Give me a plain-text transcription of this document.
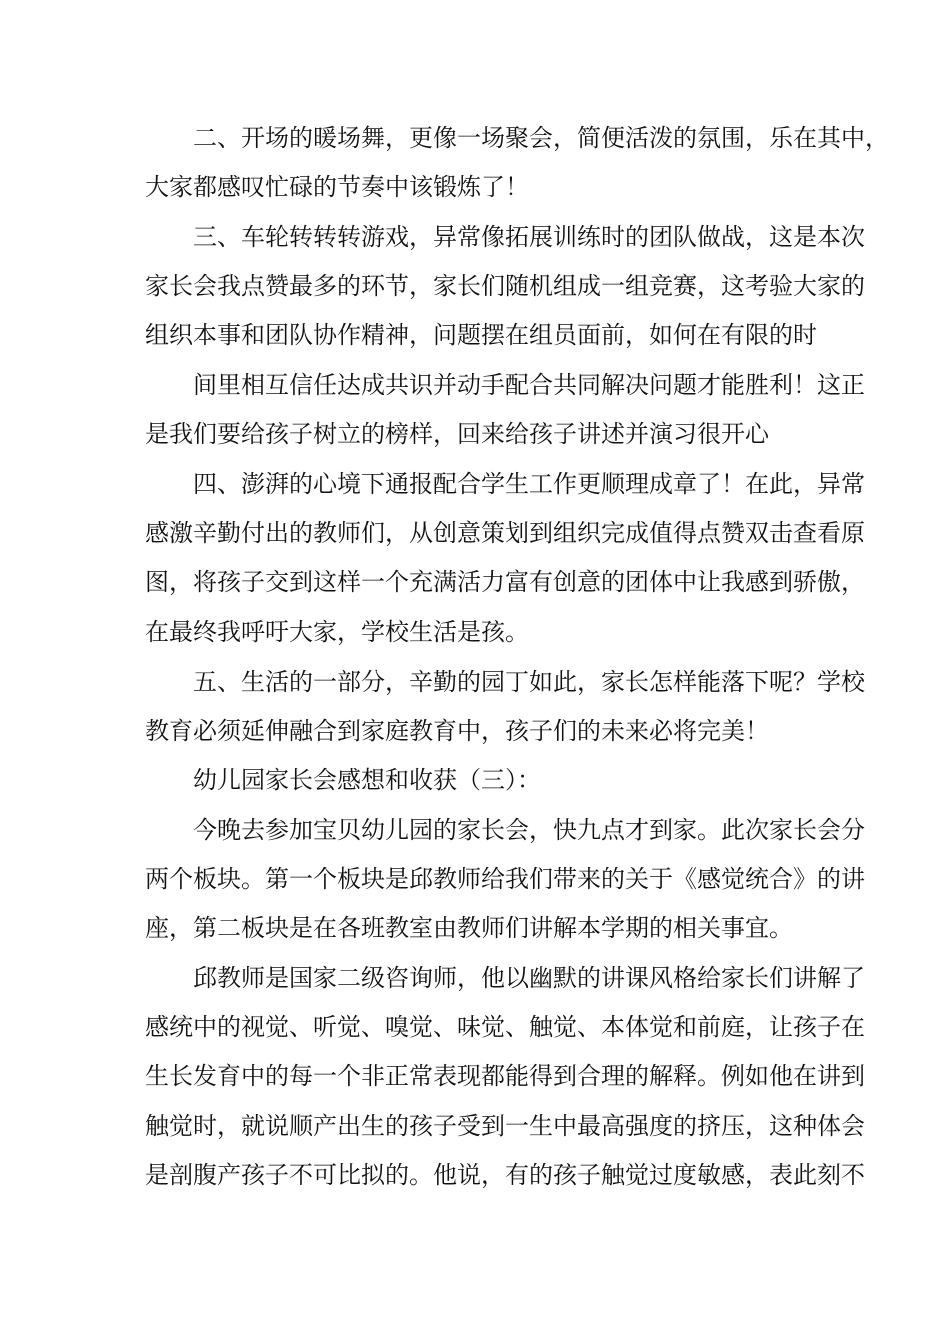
二、开场的暖场舞，更像一场聚会，简便活泼的氛围，乐在其中，
大家都感叹忙碌的节奏中该锻炼了！
三、车轮转转转游戏，异常像拓展训练时的团队做战，这是本次
家长会我点赞最多的环节，家长们随机组成一组竞赛，这考验大家的
组织本事和团队协作精神，问题摆在组员面前，如何在有限的时
间里相互信任达成共识并动手配合共同解决问题才能胜利！这正
是我们要给孩子树立的榜样，回来给孩子讲述并演习很开心
四、澎湃的心境下通报配合学生工作更顺理成章了！在此，异常
感激辛勤付出的教师们，从创意策划到组织完成值得点赞双击查看原
图，将孩子交到这样一个充满活力富有创意的团体中让我感到骄傲，
在最终我呼吁大家，学校生活是孩。
五、生活的一部分，辛勤的园丁如此，家长怎样能落下呢？学校
教育必须延伸融合到家庭教育中，孩子们的未来必将完美！
幼儿园家长会感想和收获（三）：
今晚去参加宝贝幼儿园的家长会，快九点才到家。此次家长会分
两个板块。第一个板块是邱教师给我们带来的关于《感觉统合》的讲
座，第二板块是在各班教室由教师们讲解本学期的相关事宜。
邱教师是国家二级咨询师，他以幽默的讲课风格给家长们讲解了
感统中的视觉、听觉、嗅觉、味觉、触觉、本体觉和前庭，让孩子在
生长发育中的每一个非正常表现都能得到合理的解释。例如他在讲到
触觉时，就说顺产出生的孩子受到一生中最高强度的挤压，这种体会
是剖腹产孩子不可比拟的。他说，有的孩子触觉过度敏感，表此刻不
